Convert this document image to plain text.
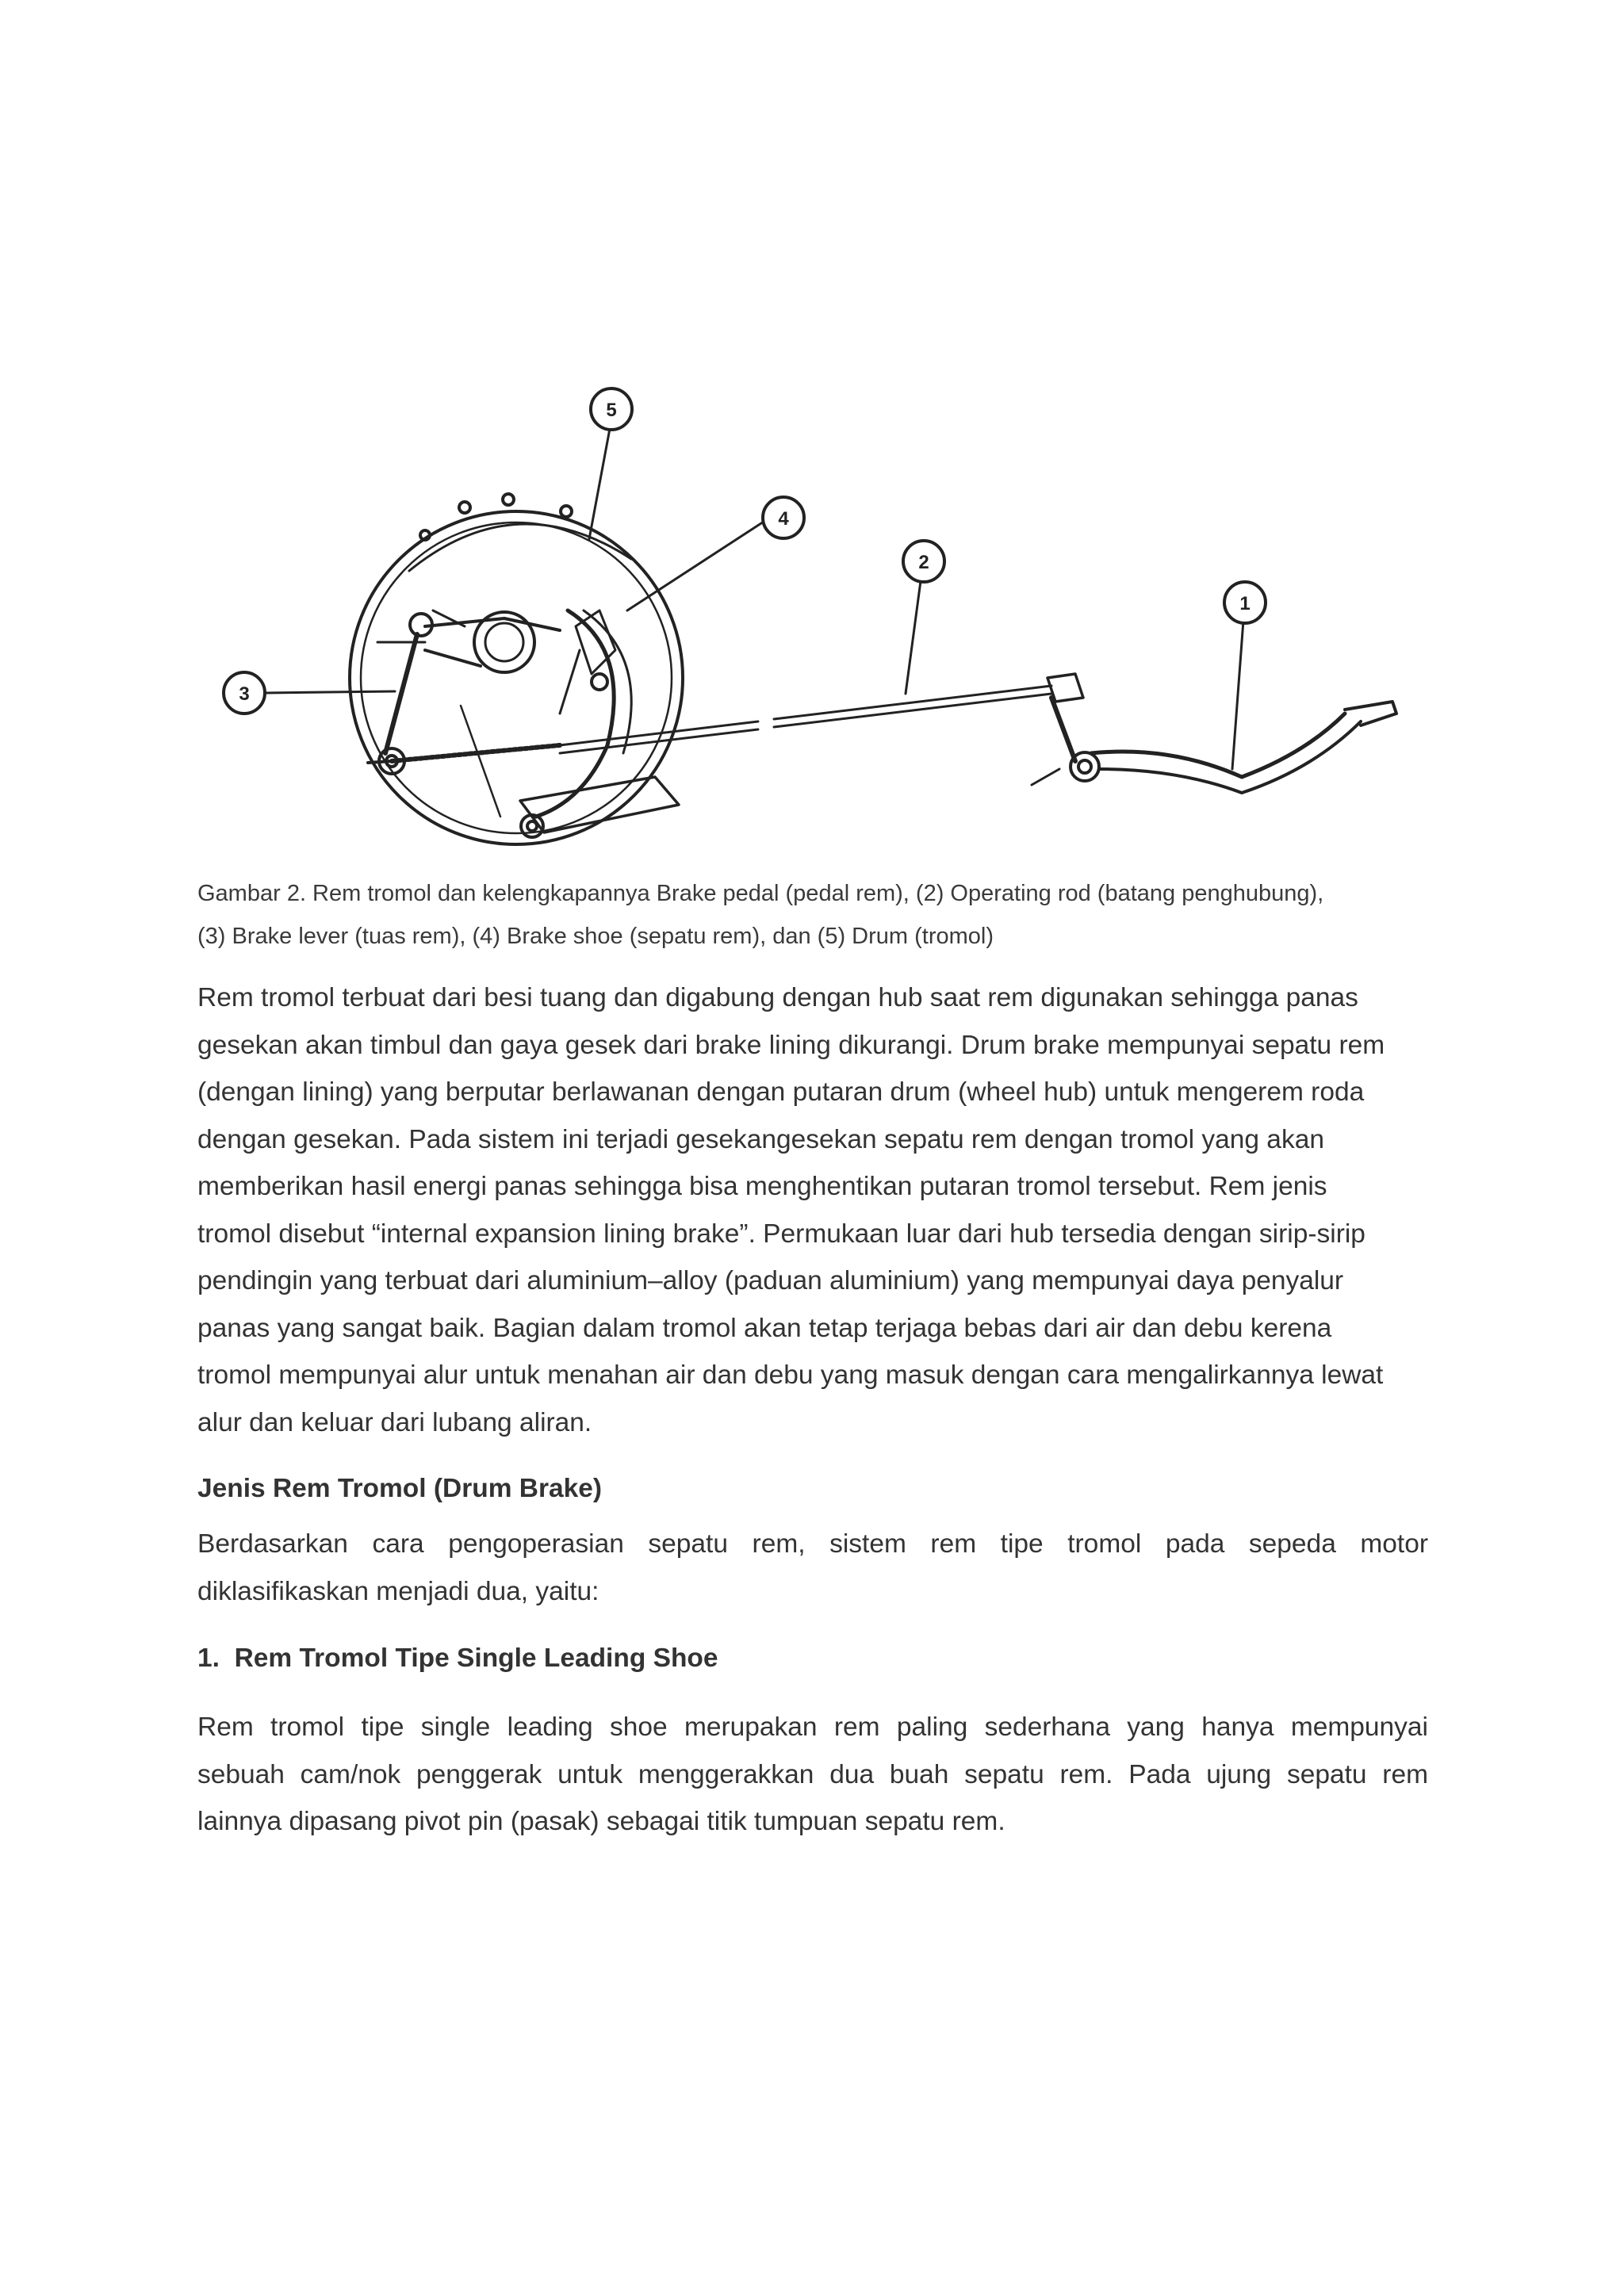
5
4
2
1
3

Gambar 2. Rem tromol dan kelengkapannya Brake pedal (pedal rem), (2) Operating rod (batang penghubung),

(3) Brake lever (tuas rem), (4) Brake shoe (sepatu rem), dan (5) Drum (tromol)

Rem tromol terbuat dari besi tuang dan digabung dengan hub saat rem digunakan sehingga panas
gesekan akan timbul dan gaya gesek dari brake lining dikurangi. Drum brake mempunyai sepatu rem
(dengan lining) yang berputar berlawanan dengan putaran drum (wheel hub) untuk mengerem roda
dengan gesekan. Pada sistem ini terjadi gesekangesekan sepatu rem dengan tromol yang akan
memberikan hasil energi panas sehingga bisa menghentikan putaran tromol tersebut. Rem jenis
tromol disebut “internal expansion lining brake”. Permukaan luar dari hub tersedia dengan sirip-sirip
pendingin yang terbuat dari aluminium–alloy (paduan aluminium) yang mempunyai daya penyalur
panas yang sangat baik. Bagian dalam tromol akan tetap terjaga bebas dari air dan debu kerena
tromol mempunyai alur untuk menahan air dan debu yang masuk dengan cara mengalirkannya lewat
alur dan keluar dari lubang aliran.
Jenis Rem Tromol (Drum Brake)
Berdasarkan cara pengoperasian sepatu rem, sistem rem tipe tromol pada sepeda motor
diklasifikaskan menjadi dua, yaitu:
1. Rem Tromol Tipe Single Leading Shoe
Rem tromol tipe single leading shoe merupakan rem paling sederhana yang hanya mempunyai
sebuah cam/nok penggerak untuk menggerakkan dua buah sepatu rem. Pada ujung sepatu rem
lainnya dipasang pivot pin (pasak) sebagai titik tumpuan sepatu rem.
